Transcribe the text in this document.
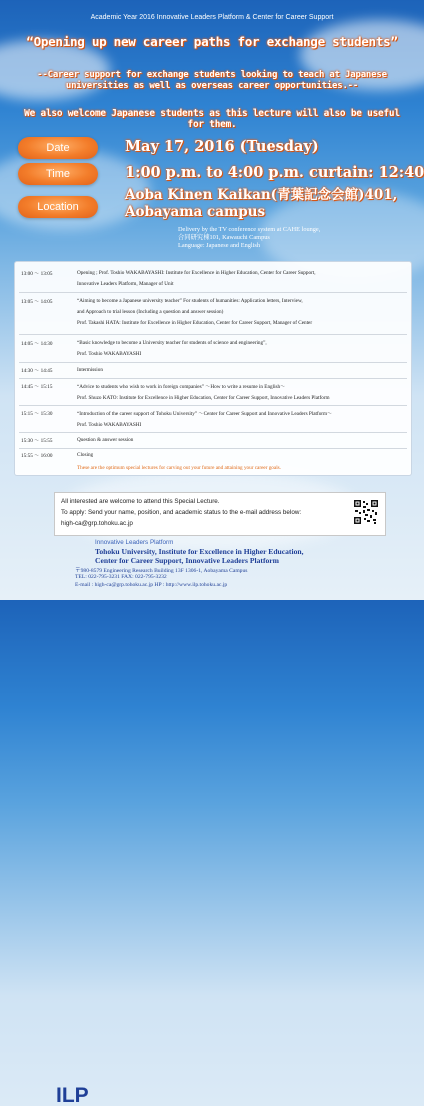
Academic Year 2016 Innovative Leaders Platform & Center for Career Support
“Opening up new career paths for exchange students”
--Career support for exchange students looking to teach at Japanese
universities as well as overseas career opportunities.--
We also welcome Japanese students as this lecture will also be useful
for them.
Date	May 17, 2016 (Tuesday)
Time	1:00 p.m. to 4:00 p.m. curtain: 12:40
Location
Aoba Kinen Kaikan(青葉記念会館)401,
Aobayama campus
Delivery by the TV conference system at CAHE lounge,
合同研究棟101, Kawauchi Campus
Language: Japanese and English
13:00 ～ 13:05	Opening ; Prof. Toshio WAKABAYASHI: Institute for Excellence in Higher Education, Center for Career Support,
Innovative Leaders Platform, Manager of Unit
13:05 ～ 14:05	“Aiming to become a Japanese university teacher” For students of humanities: Application letters, Interview,
and Approach to trial lesson (Including a question and answer session)
Prof. Takashi HATA: Institute for Excellence in Higher Education, Center for Career Support, Manager of Center
14:05 ～ 14:30	“Basic knowledge to become a University teacher for students of science and engineering”,
Prof. Toshio WAKABAYASHI
14:30 ～ 14:45	Intermission
14:45 ～ 15:15	“Advice to students who wish to work in foreign companies” ～How to write a resume in English～
Prof. Shuzo KATO: Institute for Excellence in Higher Education, Center for Career Support, Innovative Leaders Platform
15:15 ～ 15:30	“Introduction of the career support of Tohoku University” ～Center for Career Support and Innovative Leaders Platform～
Prof. Toshio WAKABAYASHI
15:30 ～ 15:55	Question & answer session
15:55 ～ 16:00	Closing
These are the optimum special lectures for carving out your future and attaining your career goals.

All interested are welcome to attend this Special Lecture.

To apply: Send your name, position, and academic status to the e-mail address below:

high-ca@grp.tohoku.ac.jp

ILP
Innovative Leaders Platform
Tohoku University, Institute for Excellence in Higher Education,
Center for Career Support, Innovative Leaders Platform
〒980-8579 Engineering Research Building 13F 1306-1, Aobayama Campus
TEL: 022-795-3231 FAX: 022-795-3232
E-mail : high-ca@grp.tohoku.ac.jp HP : http://www.ilp.tohoku.ac.jp
